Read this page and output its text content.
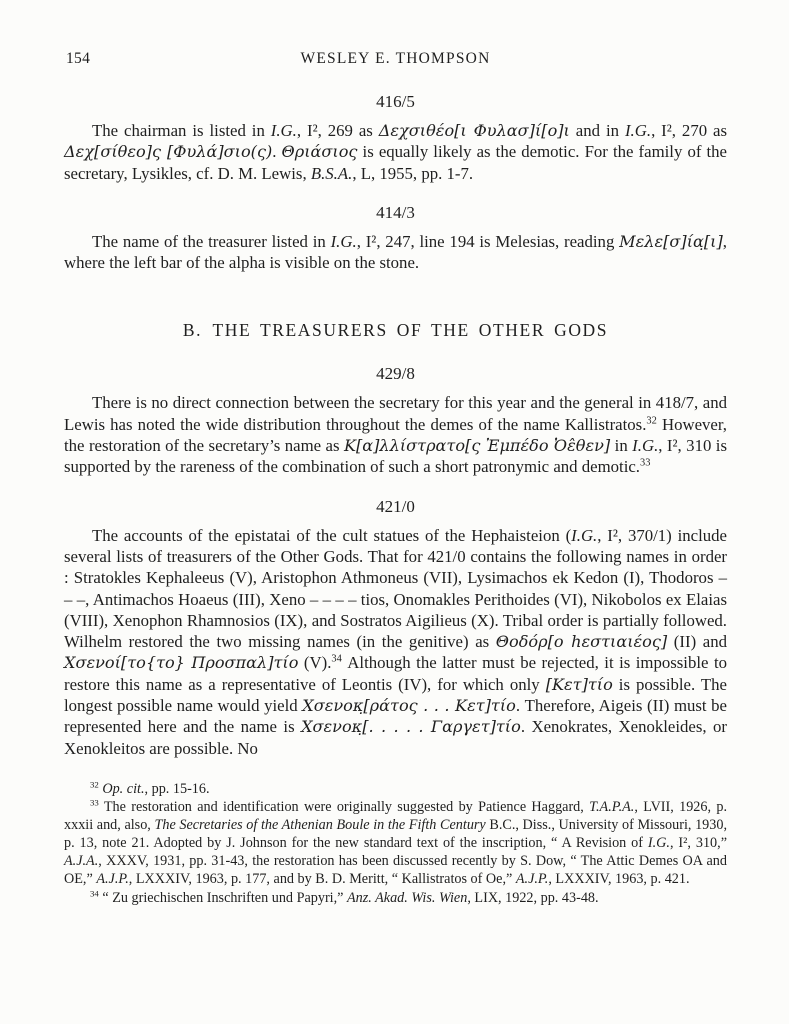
154	WESLEY E. THOMPSON
416/5

The chairman is listed in I.G., I², 269 as Δεχσιθέο[ι Φυλασ]ί[ο]ι and in I.G., I², 270 as Δεχ[σίθεο]ς [Φυλά]σιο(ς). Θριάσιος is equally likely as the demotic. For the family of the secretary, Lysikles, cf. D. M. Lewis, B.S.A., L, 1955, pp. 1-7.

414/3

The name of the treasurer listed in I.G., I², 247, line 194 is Melesias, reading Μελε[σ]ία̣[ι], where the left bar of the alpha is visible on the stone.

B. THE TREASURERS OF THE OTHER GODS
429/8

There is no direct connection between the secretary for this year and the general in 418/7, and Lewis has noted the wide distribution throughout the demes of the name Kallistratos.$^{32}$ However, the restoration of the secretary’s name as Κ[α]λλίστρατο[ς Ἐμπέδο Ὀε̂θεν] in I.G., I², 310 is supported by the rareness of the combination of such a short patronymic and demotic.$^{33}$

421/0

The accounts of the epistatai of the cult statues of the Hephaisteion (I.G., I², 370/1) include several lists of treasurers of the Other Gods. That for 421/0 contains the following names in order : Stratokles Kephaleeus (V), Aristophon Athmoneus (VII), Lysimachos ek Kedon (I), Thodoros – – –, Antimachos Hoaeus (III), Xeno – – – – tios, Onomakles Perithoides (VI), Nikobolos ex Elaias (VIII), Xenophon Rhamnosios (IX), and Sostratos Aigilieus (X). Tribal order is partially followed. Wilhelm restored the two missing names (in the genitive) as Θοδόρ[ο hεστιαιέος] (II) and Χσενοί[το{το} Προσπαλ]τίο (V).$^{34}$ Although the latter must be rejected, it is impossible to restore this name as a representative of Leontis (IV), for which only [Κετ]τίο is possible. The longest possible name would yield Χσενοκ̣[ράτος . . . Κετ]τίο. Therefore, Aigeis (II) must be represented here and the name is Χσενοκ̣[. . . . . Γαργετ]τίο. Xenokrates, Xenokleides, or Xenokleitos are possible. No

$^{32}$ Op. cit., pp. 15-16.

$^{33}$ The restoration and identification were originally suggested by Patience Haggard, T.A.P.A., LVII, 1926, p. xxxii and, also, The Secretaries of the Athenian Boule in the Fifth Century B.C., Diss., University of Missouri, 1930, p. 13, note 21. Adopted by J. Johnson for the new standard text of the inscription, “ A Revision of I.G., I², 310,” A.J.A., XXXV, 1931, pp. 31-43, the restoration has been discussed recently by S. Dow, “ The Attic Demes OA and OE,” A.J.P., LXXXIV, 1963, p. 177, and by B. D. Meritt, “ Kallistratos of Oe,” A.J.P., LXXXIV, 1963, p. 421.

$^{34}$ “ Zu griechischen Inschriften und Papyri,” Anz. Akad. Wis. Wien, LIX, 1922, pp. 43-48.
